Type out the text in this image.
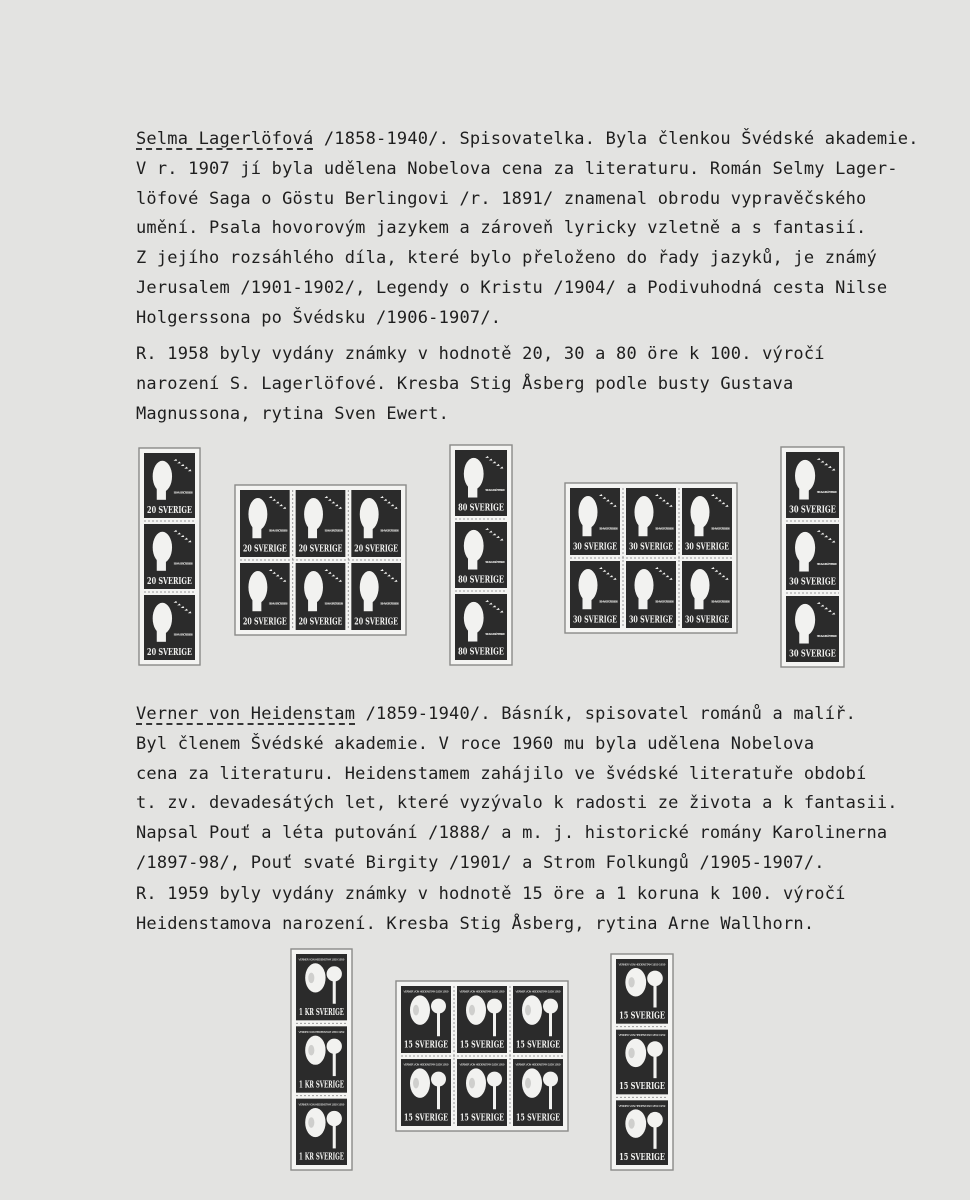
Selma Lagerlöfová /1858-1940/. Spisovatelka. Byla členkou Švédské akademie.

V r. 1907 jí byla udělena Nobelova cena za literaturu. Román Selmy Lager-

löfové Saga o Göstu Berlingovi /r. 1891/ znamenal obrodu vypravěčského

umění. Psala hovorovým jazykem a zároveň lyricky vzletně a s fantasií.

Z jejího rozsáhlého díla, které bylo přeloženo do řady jazyků, je známý

Jerusalem /1901-1902/, Legendy o Kristu /1904/ a Podivuhodná cesta Nilse

Holgerssona po Švédsku /1906-1907/.

R. 1958 byly vydány známky v hodnotě 20, 30 a 80 öre k 100. výročí

narození S. Lagerlöfové. Kresba Stig Åsberg podle busty Gustava

Magnussona, rytina Sven Ewert.

Verner von Heidenstam /1859-1940/. Básník, spisovatel románů a malíř.

Byl členem Švédské akademie. V roce 1960 mu byla udělena Nobelova

cena za literaturu. Heidenstamem zahájilo ve švédské literatuře období

t. zv. devadesátých let, které vyzývalo k radosti ze života a k fantasii.

Napsal Pouť a léta putování /1888/ a m. j. historické romány Karolinerna

/1897-98/, Pouť svaté Birgity /1901/ a Strom Folkungů /1905-1907/.

R. 1959 byly vydány známky v hodnotě 15 öre a 1 koruna k 100. výročí

Heidenstamova narození. Kresba Stig Åsberg, rytina Arne Wallhorn.

SELMA LAGERLÖF 1858 1958
20 SVERIGE
SELMA LAGERLÖF 1858 1958
20 SVERIGE
SELMA LAGERLÖF 1858 1958
20 SVERIGE
SELMA LAGERLÖF 1858 1958
20 SVERIGE
SELMA LAGERLÖF 1858 1958
20 SVERIGE
SELMA LAGERLÖF 1858 1958
20 SVERIGE
SELMA LAGERLÖF 1858 1958
20 SVERIGE
SELMA LAGERLÖF 1858 1958
20 SVERIGE
SELMA LAGERLÖF 1858 1958
20 SVERIGE
SELMA LAGERLÖF 1858 1958
80 SVERIGE
SELMA LAGERLÖF 1858 1958
80 SVERIGE
SELMA LAGERLÖF 1858 1958
80 SVERIGE
SELMA LAGERLÖF 1858 1958
30 SVERIGE
SELMA LAGERLÖF 1858 1958
30 SVERIGE
SELMA LAGERLÖF 1858 1958
30 SVERIGE
SELMA LAGERLÖF 1858 1958
30 SVERIGE
SELMA LAGERLÖF 1858 1958
30 SVERIGE
SELMA LAGERLÖF 1858 1958
30 SVERIGE
SELMA LAGERLÖF 1858 1958
30 SVERIGE
SELMA LAGERLÖF 1858 1958
30 SVERIGE
SELMA LAGERLÖF 1858 1958
30 SVERIGE
VERNER VON HEIDENSTAM 1859 1959
1 KR SVERIGE
VERNER VON HEIDENSTAM 1859 1959
1 KR SVERIGE
VERNER VON HEIDENSTAM 1859 1959
1 KR SVERIGE
VERNER VON HEIDENSTAM 1859 1959
15 SVERIGE
VERNER VON HEIDENSTAM 1859 1959
15 SVERIGE
VERNER VON HEIDENSTAM 1859 1959
15 SVERIGE
VERNER VON HEIDENSTAM 1859 1959
15 SVERIGE
VERNER VON HEIDENSTAM 1859 1959
15 SVERIGE
VERNER VON HEIDENSTAM 1859 1959
15 SVERIGE
VERNER VON HEIDENSTAM 1859 1959
15 SVERIGE
VERNER VON HEIDENSTAM 1859 1959
15 SVERIGE
VERNER VON HEIDENSTAM 1859 1959
15 SVERIGE
